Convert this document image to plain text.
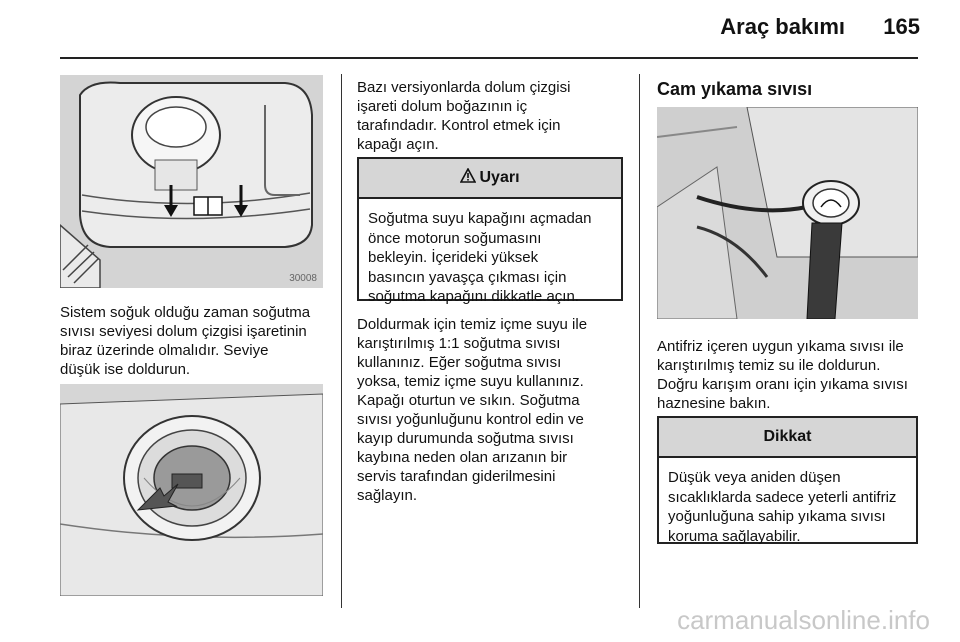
Araç bakımı 165
30008
Sistem soğuk olduğu zaman soğutma
sıvısı seviyesi dolum çizgisi işaretinin
biraz üzerinde olmalıdır. Seviye
düşük ise doldurun.
Bazı versiyonlarda dolum çizgisi
işareti dolum boğazının iç
tarafındadır. Kontrol etmek için
kapağı açın.
Uyarı
Soğutma suyu kapağını açmadan
önce motorun soğumasını
bekleyin. İçerideki yüksek
basıncın yavaşça çıkması için
soğutma kapağını dikkatle açın.
Doldurmak için temiz içme suyu ile
karıştırılmış 1:1 soğutma sıvısı
kullanınız. Eğer soğutma sıvısı
yoksa, temiz içme suyu kullanınız.
Kapağı oturtun ve sıkın. Soğutma
sıvısı yoğunluğunu kontrol edin ve
kayıp durumunda soğutma sıvısı
kaybına neden olan arızanın bir
servis tarafından giderilmesini
sağlayın.
Cam yıkama sıvısı
Antifriz içeren uygun yıkama sıvısı ile
karıştırılmış temiz su ile doldurun.
Doğru karışım oranı için yıkama sıvısı
haznesine bakın.
Dikkat
Düşük veya aniden düşen
sıcaklıklarda sadece yeterli antifriz
yoğunluğuna sahip yıkama sıvısı
koruma sağlayabilir.
carmanualsonline.info
